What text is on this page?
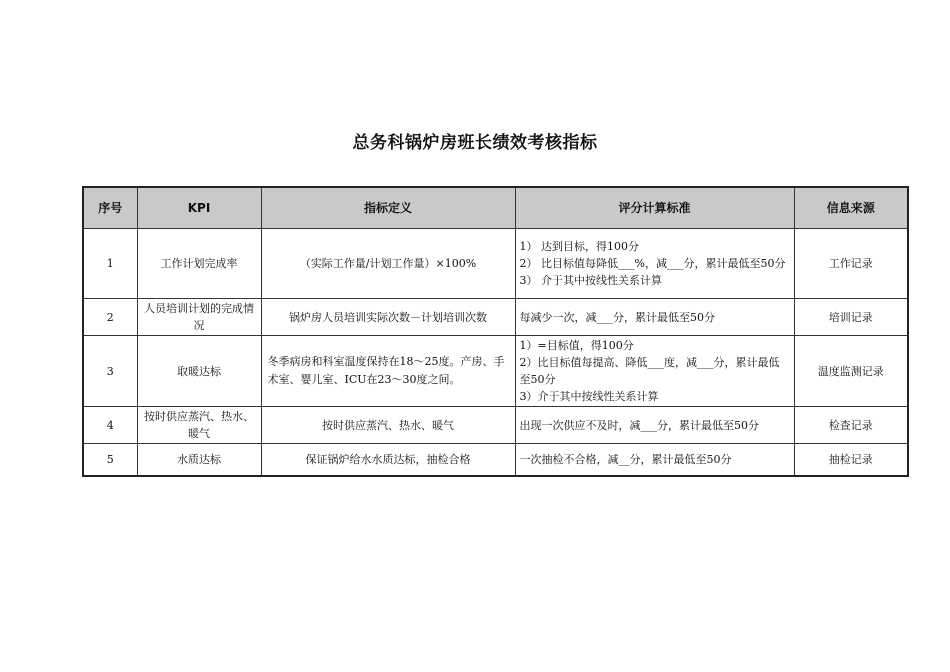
总务科锅炉房班长绩效考核指标
序号	KPI	指标定义	评分计算标准	信息来源
1	工作计划完成率	（实际工作量/计划工作量）×100%	1） 达到目标，得100分
2） 比目标值每降低___%，减___分，累计最低至50分
3） 介于其中按线性关系计算	工作记录
2	人员培训计划的完成情况	锅炉房人员培训实际次数－计划培训次数	每减少一次，减___分，累计最低至50分	培训记录
3	取暖达标	冬季病房和科室温度保持在18～25度。产房、手术室、婴儿室、ICU在23～30度之间。	1）=目标值，得100分
2）比目标值每提高、降低___度，减___分，累计最低至50分
3）介于其中按线性关系计算	温度监测记录
4	按时供应蒸汽、热水、暖气	按时供应蒸汽、热水、暖气	出现一次供应不及时，减___分，累计最低至50分	检查记录
5	水质达标	保证锅炉给水水质达标，抽检合格	一次抽检不合格，减__分，累计最低至50分	抽检记录
